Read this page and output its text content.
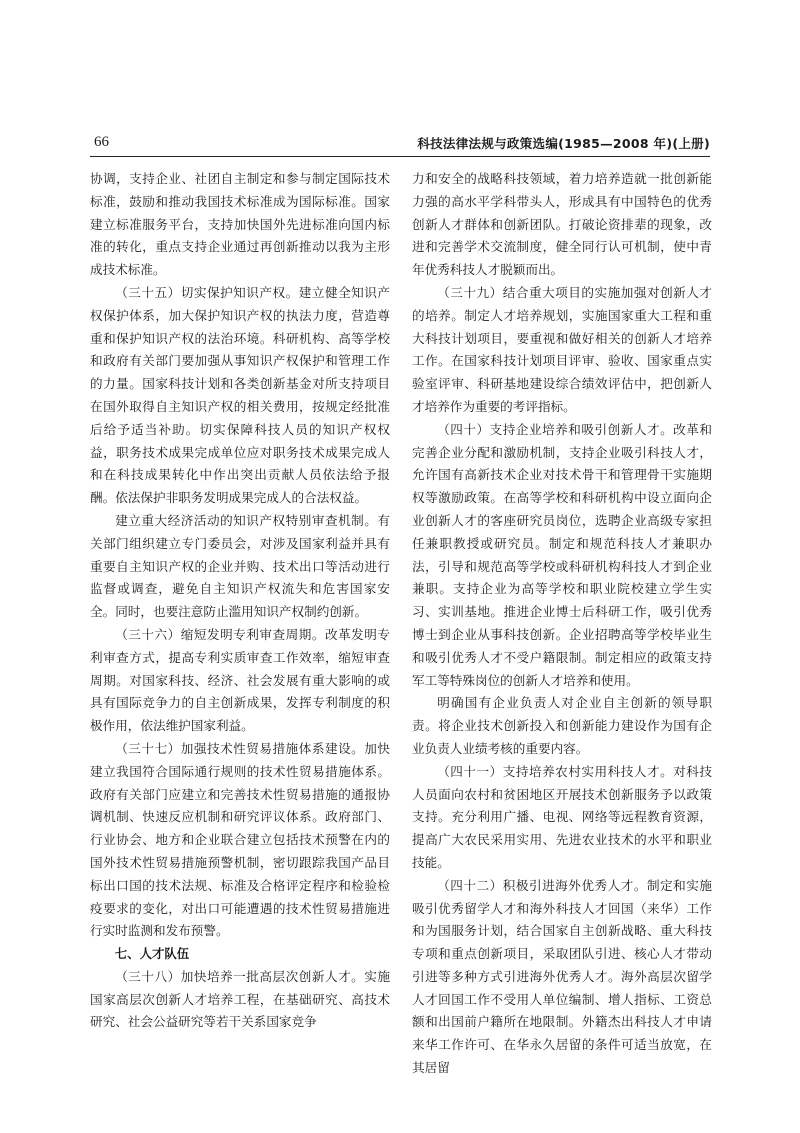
66	科技法律法规与政策选编(1985—2008 年)(上册)

协调，支持企业、社团自主制定和参与制定国际技术标准，鼓励和推动我国技术标准成为国际标准。国家建立标准服务平台，支持加快国外先进标准向国内标准的转化，重点支持企业通过再创新推动以我为主形成技术标准。

（三十五）切实保护知识产权。建立健全知识产权保护体系，加大保护知识产权的执法力度，营造尊重和保护知识产权的法治环境。科研机构、高等学校和政府有关部门要加强从事知识产权保护和管理工作的力量。国家科技计划和各类创新基金对所支持项目在国外取得自主知识产权的相关费用，按规定经批准后给予适当补助。切实保障科技人员的知识产权权益，职务技术成果完成单位应对职务技术成果完成人和在科技成果转化中作出突出贡献人员依法给予报酬。依法保护非职务发明成果完成人的合法权益。

建立重大经济活动的知识产权特别审查机制。有关部门组织建立专门委员会，对涉及国家利益并具有重要自主知识产权的企业并购、技术出口等活动进行监督或调查，避免自主知识产权流失和危害国家安全。同时，也要注意防止滥用知识产权制约创新。

（三十六）缩短发明专利审查周期。改革发明专利审查方式，提高专利实质审查工作效率，缩短审查周期。对国家科技、经济、社会发展有重大影响的或具有国际竞争力的自主创新成果，发挥专利制度的积极作用，依法维护国家利益。

（三十七）加强技术性贸易措施体系建设。加快建立我国符合国际通行规则的技术性贸易措施体系。政府有关部门应建立和完善技术性贸易措施的通报协调机制、快速反应机制和研究评议体系。政府部门、行业协会、地方和企业联合建立包括技术预警在内的国外技术性贸易措施预警机制，密切跟踪我国产品目标出口国的技术法规、标准及合格评定程序和检验检疫要求的变化，对出口可能遭遇的技术性贸易措施进行实时监测和发布预警。

七、人才队伍

（三十八）加快培养一批高层次创新人才。实施国家高层次创新人才培养工程，在基础研究、高技术研究、社会公益研究等若干关系国家竞争

力和安全的战略科技领域，着力培养造就一批创新能力强的高水平学科带头人，形成具有中国特色的优秀创新人才群体和创新团队。打破论资排辈的现象，改进和完善学术交流制度，健全同行认可机制，使中青年优秀科技人才脱颖而出。

（三十九）结合重大项目的实施加强对创新人才的培养。制定人才培养规划，实施国家重大工程和重大科技计划项目，要重视和做好相关的创新人才培养工作。在国家科技计划项目评审、验收、国家重点实验室评审、科研基地建设综合绩效评估中，把创新人才培养作为重要的考评指标。

（四十）支持企业培养和吸引创新人才。改革和完善企业分配和激励机制，支持企业吸引科技人才，允许国有高新技术企业对技术骨干和管理骨干实施期权等激励政策。在高等学校和科研机构中设立面向企业创新人才的客座研究员岗位，选聘企业高级专家担任兼职教授或研究员。制定和规范科技人才兼职办法，引导和规范高等学校或科研机构科技人才到企业兼职。支持企业为高等学校和职业院校建立学生实习、实训基地。推进企业博士后科研工作，吸引优秀博士到企业从事科技创新。企业招聘高等学校毕业生和吸引优秀人才不受户籍限制。制定相应的政策支持军工等特殊岗位的创新人才培养和使用。

明确国有企业负责人对企业自主创新的领导职责。将企业技术创新投入和创新能力建设作为国有企业负责人业绩考核的重要内容。

（四十一）支持培养农村实用科技人才。对科技人员面向农村和贫困地区开展技术创新服务予以政策支持。充分利用广播、电视、网络等远程教育资源，提高广大农民采用实用、先进农业技术的水平和职业技能。

（四十二）积极引进海外优秀人才。制定和实施吸引优秀留学人才和海外科技人才回国（来华）工作和为国服务计划，结合国家自主创新战略、重大科技专项和重点创新项目，采取团队引进、核心人才带动引进等多种方式引进海外优秀人才。海外高层次留学人才回国工作不受用人单位编制、增人指标、工资总额和出国前户籍所在地限制。外籍杰出科技人才申请来华工作许可、在华永久居留的条件可适当放宽，在其居留
